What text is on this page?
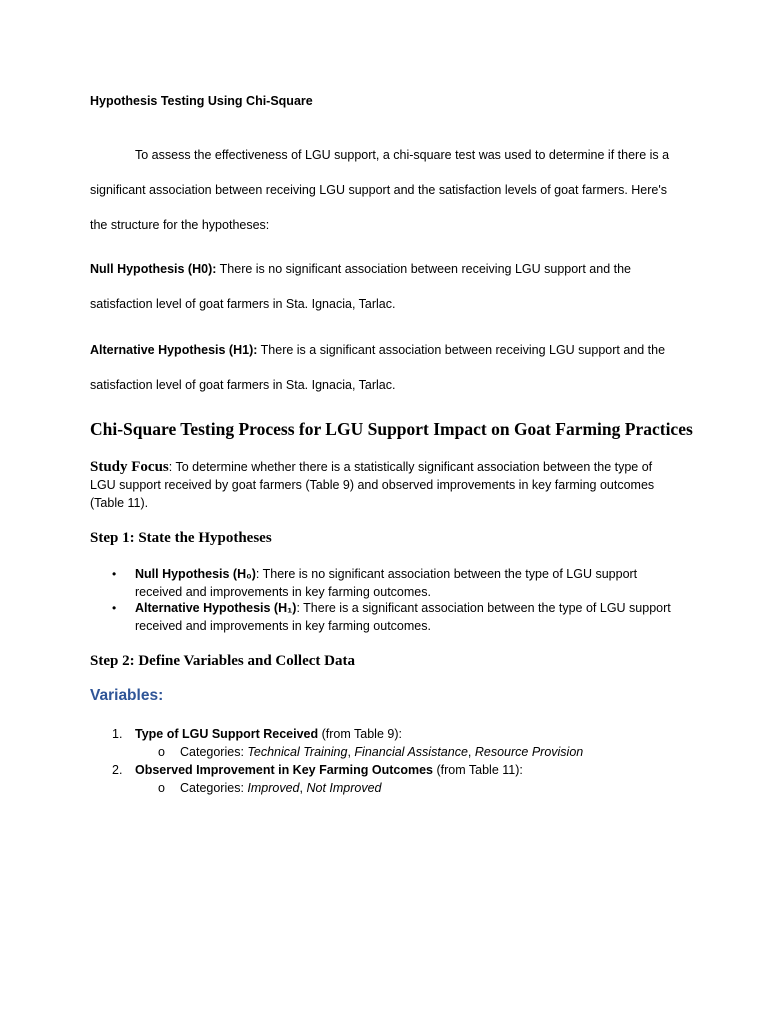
Hypothesis Testing Using Chi-Square

To assess the effectiveness of LGU support, a chi-square test was used to determine if there is a significant association between receiving LGU support and the satisfaction levels of goat farmers. Here's the structure for the hypotheses:

Null Hypothesis (H0): There is no significant association between receiving LGU support and the satisfaction level of goat farmers in Sta. Ignacia, Tarlac.

Alternative Hypothesis (H1): There is a significant association between receiving LGU support and the satisfaction level of goat farmers in Sta. Ignacia, Tarlac.

Chi-Square Testing Process for LGU Support Impact on Goat Farming Practices

Study Focus: To determine whether there is a statistically significant association between the type of LGU support received by goat farmers (Table 9) and observed improvements in key farming outcomes (Table 11).

Step 1: State the Hypotheses

• Null Hypothesis (H₀): There is no significant association between the type of LGU support received and improvements in key farming outcomes.
• Alternative Hypothesis (H₁): There is a significant association between the type of LGU support received and improvements in key farming outcomes.

Step 2: Define Variables and Collect Data

Variables:

1. Type of LGU Support Received (from Table 9):
o Categories: Technical Training, Financial Assistance, Resource Provision
2. Observed Improvement in Key Farming Outcomes (from Table 11):
o Categories: Improved, Not Improved
